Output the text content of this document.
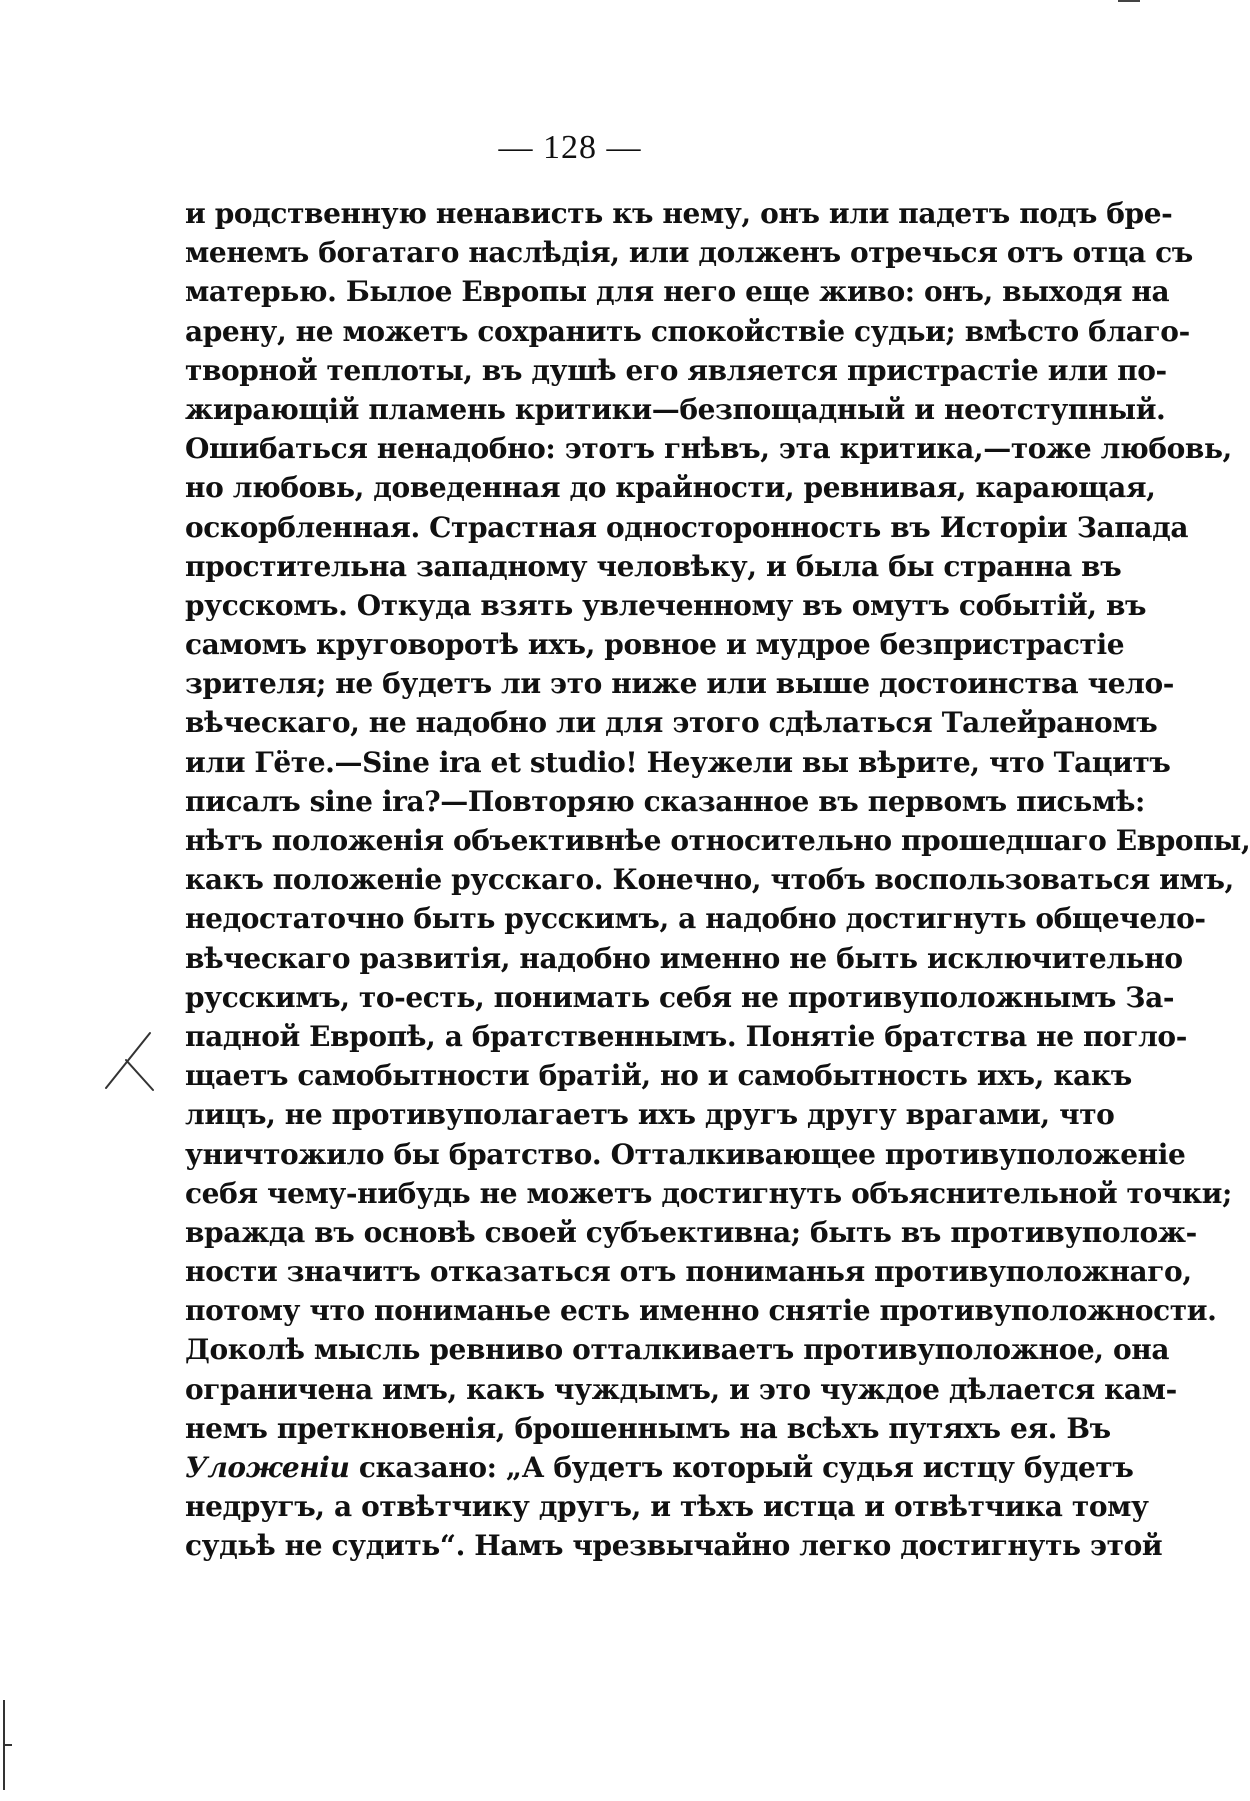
— 128 —
и родственную ненависть къ нему, онъ или падетъ подъ бре-
менемъ богатаго наслѣдія, или долженъ отречься отъ отца съ
матерью. Былое Европы для него еще живо: онъ, выходя на
арену, не можетъ сохранить спокойствіе судьи; вмѣсто благо-
творной теплоты, въ душѣ его является пристрастіе или по-
жирающій пламень критики—безпощадный и неотступный.
Ошибаться ненадобно: этотъ гнѣвъ, эта критика,—тоже любовь,
но любовь, доведенная до крайности, ревнивая, карающая,
оскорбленная. Страстная односторонность въ Исторіи Запада
простительна западному человѣку, и была бы странна въ
русскомъ. Откуда взять увлеченному въ омутъ событій, въ
самомъ круговоротѣ ихъ, ровное и мудрое безпристрастіе
зрителя; не будетъ ли это ниже или выше достоинства чело-
вѣческаго, не надобно ли для этого сдѣлаться Талейраномъ
или Гёте.—Sine ira et studio! Неужели вы вѣрите, что Тацитъ
писалъ sine ira?—Повторяю сказанное въ первомъ письмѣ:
нѣтъ положенія объективнѣе относительно прошедшаго Европы,
какъ положеніе русскаго. Конечно, чтобъ воспользоваться имъ,
недостаточно быть русскимъ, а надобно достигнуть общечело-
вѣческаго развитія, надобно именно не быть исключительно
русскимъ, то-есть, понимать себя не противуположнымъ За-
падной Европѣ, а братственнымъ. Понятіе братства не погло-
щаетъ самобытности братій, но и самобытность ихъ, какъ
лицъ, не противуполагаетъ ихъ другъ другу врагами, что
уничтожило бы братство. Отталкивающее противуположеніе
себя чему-нибудь не можетъ достигнуть объяснительной точки;
вражда въ основѣ своей субъективна; быть въ противуполож-
ности значитъ отказаться отъ пониманья противуположнаго,
потому что пониманье есть именно снятіе противуположности.
Доколѣ мысль ревниво отталкиваетъ противуположное, она
ограничена имъ, какъ чуждымъ, и это чуждое дѣлается кам-
немъ преткновенія, брошеннымъ на всѣхъ путяхъ ея. Въ
Уложеніи сказано: „А будетъ который судья истцу будетъ
недругъ, а отвѣтчику другъ, и тѣхъ истца и отвѣтчика тому
судьѣ не судить“. Намъ чрезвычайно легко достигнуть этой
